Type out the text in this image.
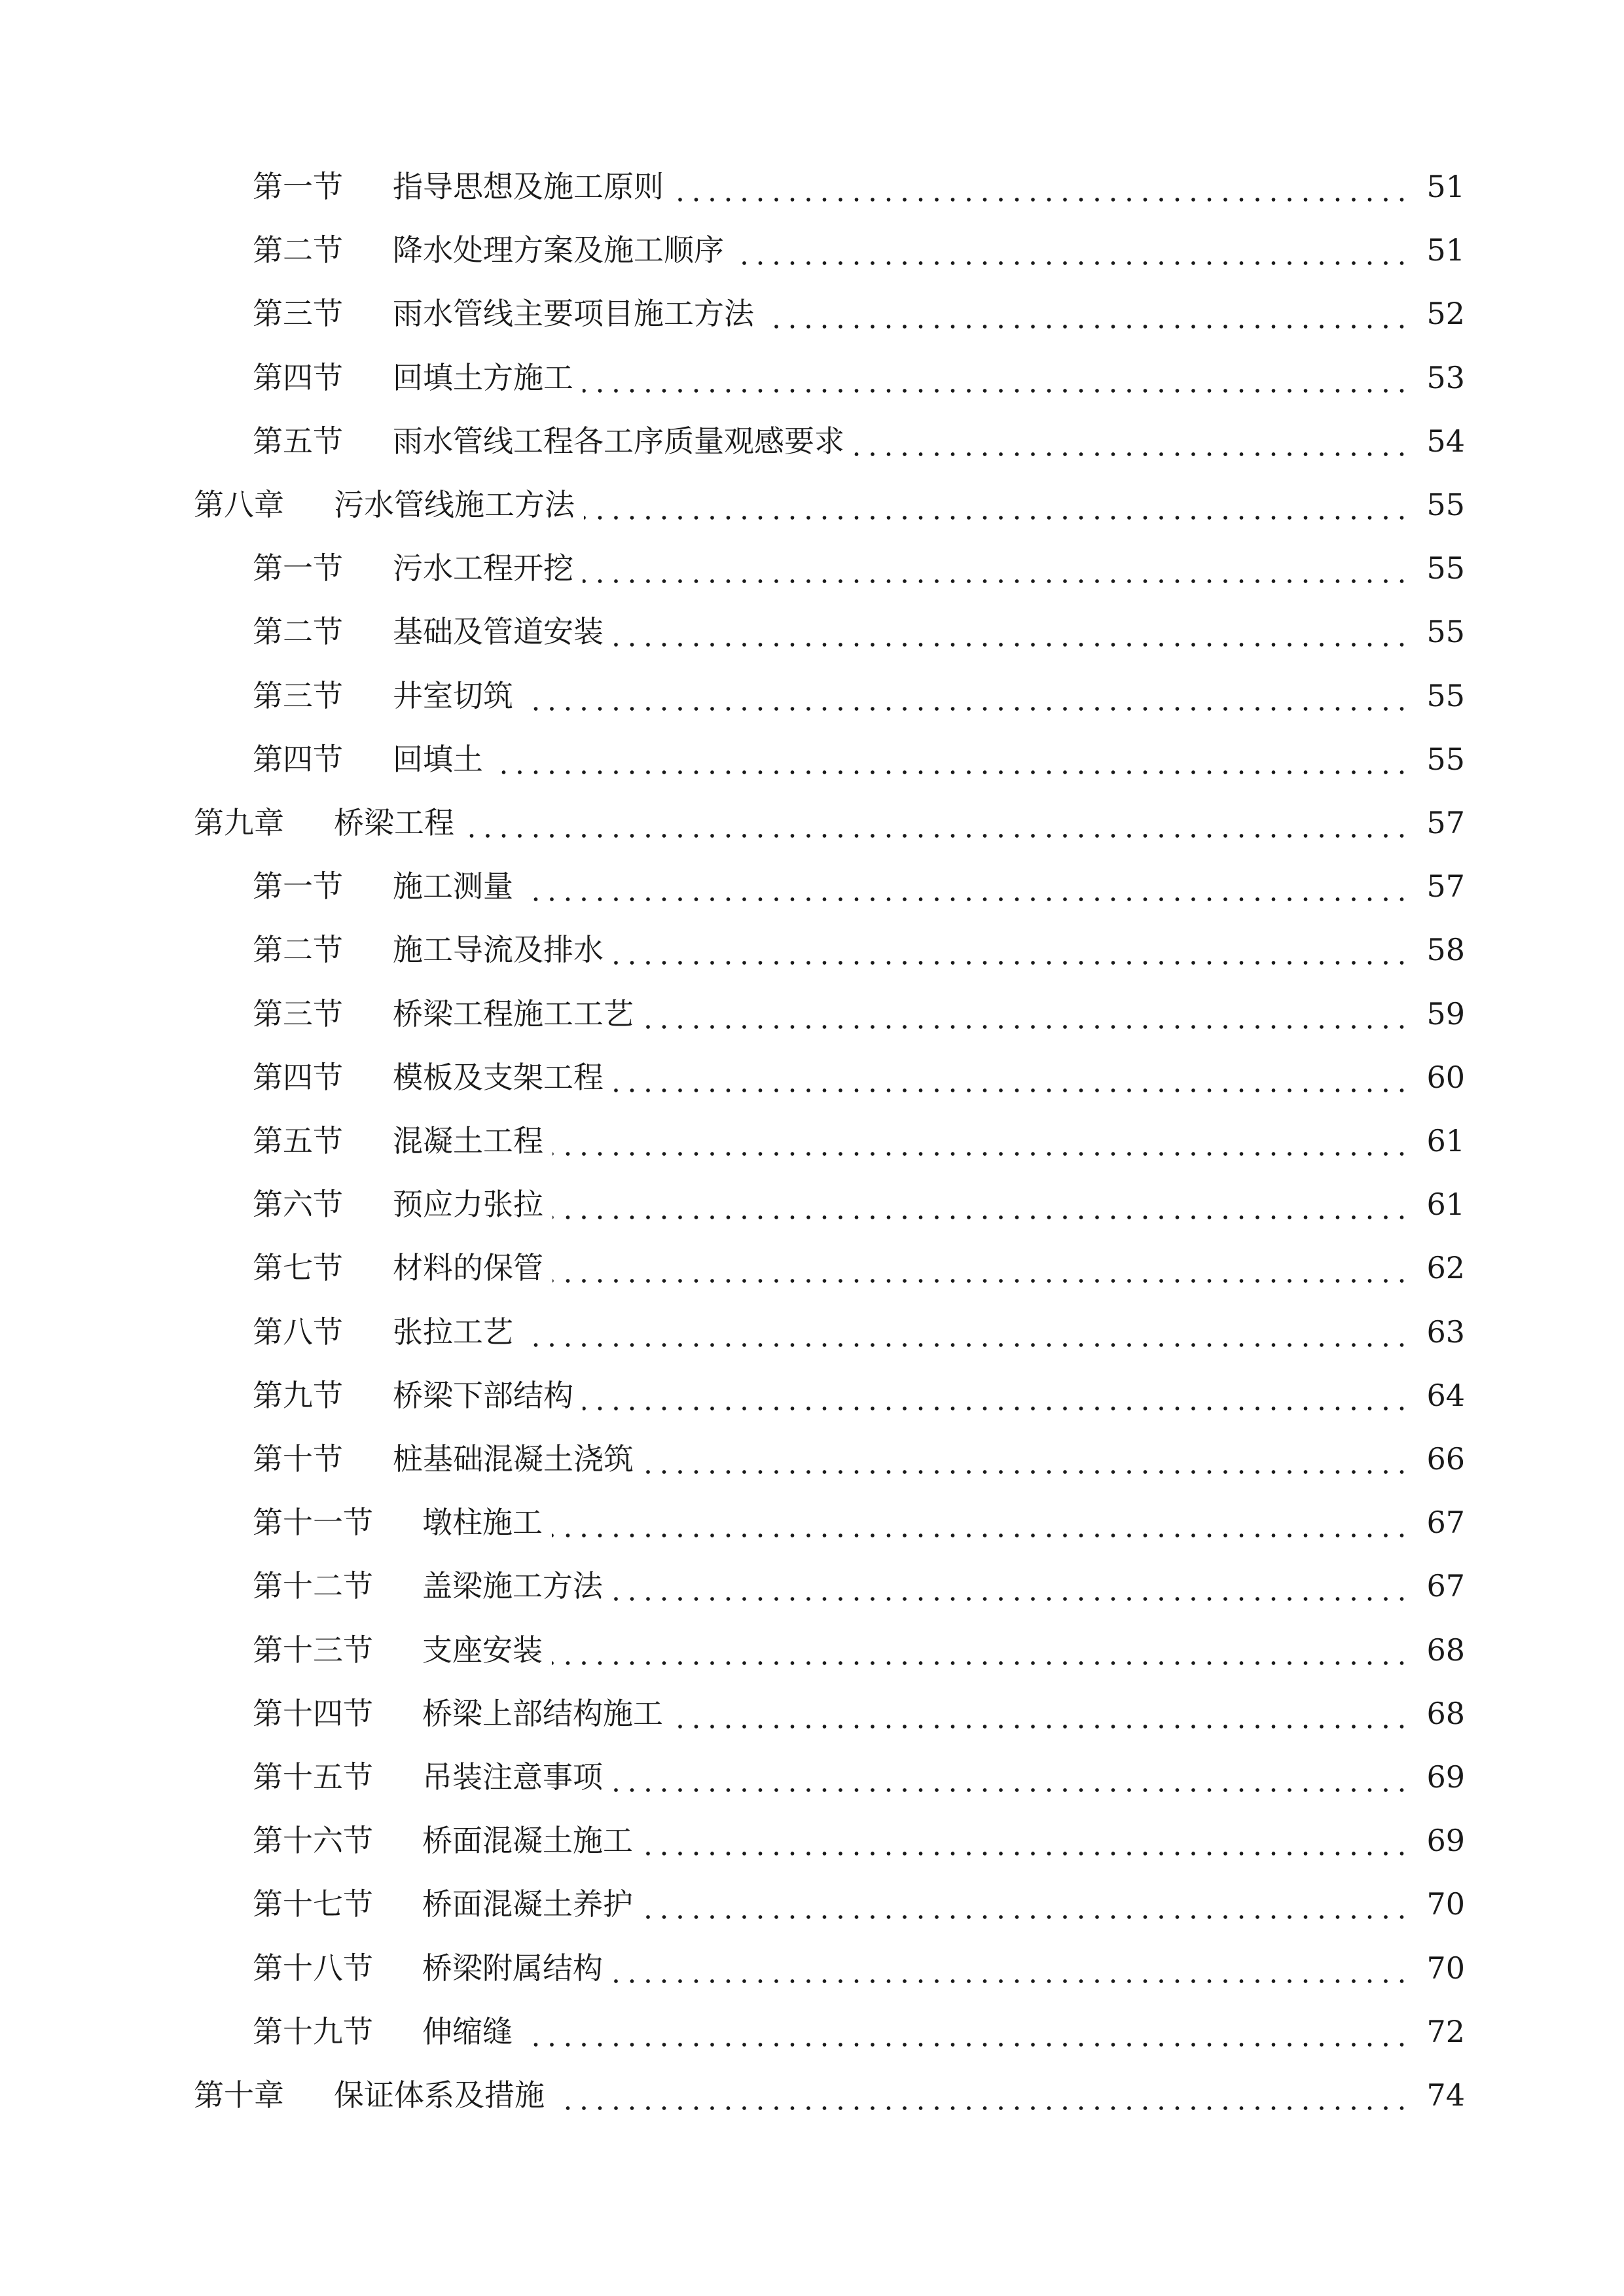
第一节 指导思想及施工原则	51
第二节 降水处理方案及施工顺序	51
第三节 雨水管线主要项目施工方法	52
第四节 回填土方施工	53
第五节 雨水管线工程各工序质量观感要求	54
第八章 污水管线施工方法	55
第一节 污水工程开挖	55
第二节 基础及管道安装	55
第三节 井室切筑	55
第四节 回填土	55
第九章 桥梁工程	57
第一节 施工测量	57
第二节 施工导流及排水	58
第三节 桥梁工程施工工艺	59
第四节 模板及支架工程	60
第五节 混凝土工程	61
第六节 预应力张拉	61
第七节 材料的保管	62
第八节 张拉工艺	63
第九节 桥梁下部结构	64
第十节 桩基础混凝土浇筑	66
第十一节 墩柱施工	67
第十二节 盖梁施工方法	67
第十三节 支座安装	68
第十四节 桥梁上部结构施工	68
第十五节 吊装注意事项	69
第十六节 桥面混凝土施工	69
第十七节 桥面混凝土养护	70
第十八节 桥梁附属结构	70
第十九节 伸缩缝	72
第十章 保证体系及措施	74
